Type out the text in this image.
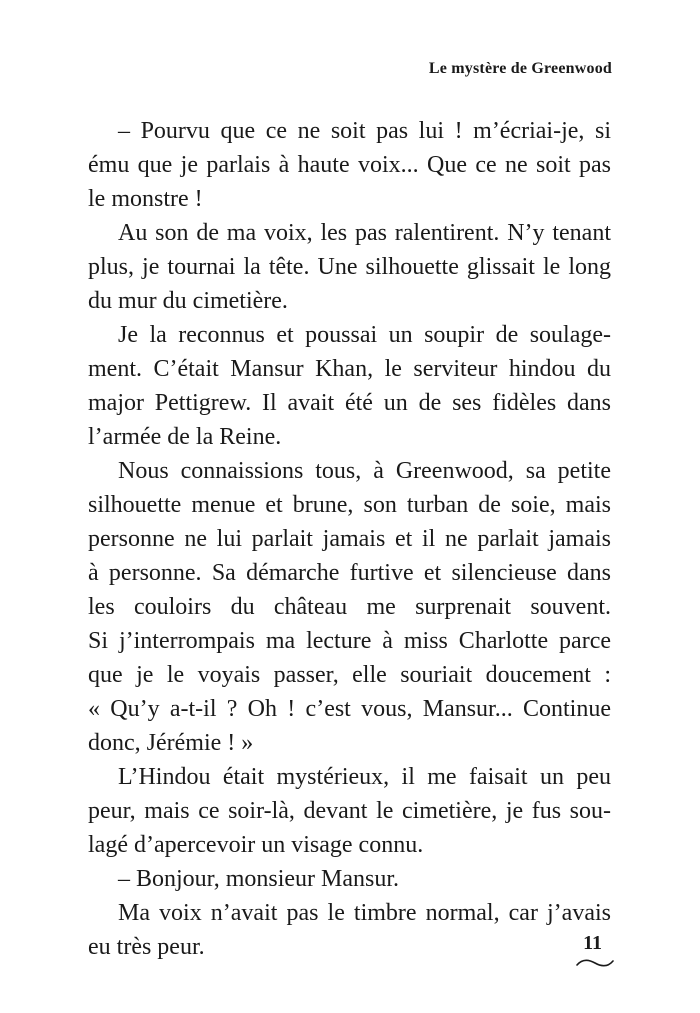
Le mystère de Greenwood
– Pourvu que ce ne soit pas lui ! m’écriai-je, si
ému que je parlais à haute voix... Que ce ne soit pas
le monstre !
Au son de ma voix, les pas ralentirent. N’y tenant
plus, je tournai la tête. Une silhouette glissait le long
du mur du cimetière.
Je la reconnus et poussai un soupir de soulage-
ment. C’était Mansur Khan, le serviteur hindou du
major Pettigrew. Il avait été un de ses fidèles dans
l’armée de la Reine.
Nous connaissions tous, à Greenwood, sa petite
silhouette menue et brune, son turban de soie, mais
personne ne lui parlait jamais et il ne parlait jamais
à personne. Sa démarche furtive et silencieuse dans
les couloirs du château me surprenait souvent.
Si j’interrompais ma lecture à miss Charlotte parce
que je le voyais passer, elle souriait doucement :
« Qu’y a-t-il ? Oh ! c’est vous, Mansur... Continue
donc, Jérémie ! »
L’Hindou était mystérieux, il me faisait un peu
peur, mais ce soir-là, devant le cimetière, je fus sou-
lagé d’apercevoir un visage connu.
– Bonjour, monsieur Mansur.
Ma voix n’avait pas le timbre normal, car j’avais
eu très peur.	11
